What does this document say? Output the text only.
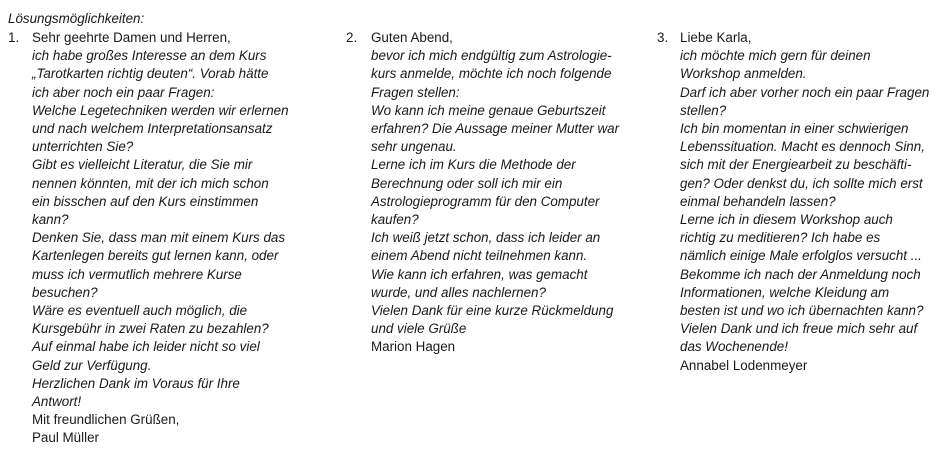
Lösungsmöglichkeiten:

1. Sehr geehrte Damen und Herren,
ich habe großes Interesse an dem Kurs
„Tarotkarten richtig deuten“. Vorab hätte
ich aber noch ein paar Fragen:
Welche Legetechniken werden wir erlernen
und nach welchem Interpretationsansatz
unterrichten Sie?
Gibt es vielleicht Literatur, die Sie mir
nennen könnten, mit der ich mich schon
ein bisschen auf den Kurs einstimmen
kann?
Denken Sie, dass man mit einem Kurs das
Kartenlegen bereits gut lernen kann, oder
muss ich vermutlich mehrere Kurse
besuchen?
Wäre es eventuell auch möglich, die
Kursgebühr in zwei Raten zu bezahlen?
Auf einmal habe ich leider nicht so viel
Geld zur Verfügung.
Herzlichen Dank im Voraus für Ihre
Antwort!
Mit freundlichen Grüßen,
Paul Müller
2. Guten Abend,
bevor ich mich endgültig zum Astrologie-
kurs anmelde, möchte ich noch folgende
Fragen stellen:
Wo kann ich meine genaue Geburtszeit
erfahren? Die Aussage meiner Mutter war
sehr ungenau.
Lerne ich im Kurs die Methode der
Berechnung oder soll ich mir ein
Astrologieprogramm für den Computer
kaufen?
Ich weiß jetzt schon, dass ich leider an
einem Abend nicht teilnehmen kann.
Wie kann ich erfahren, was gemacht
wurde, und alles nachlernen?
Vielen Dank für eine kurze Rückmeldung
und viele Grüße
Marion Hagen
3. Liebe Karla,
ich möchte mich gern für deinen
Workshop anmelden.
Darf ich aber vorher noch ein paar Fragen
stellen?
Ich bin momentan in einer schwierigen
Lebenssituation. Macht es dennoch Sinn,
sich mit der Energiearbeit zu beschäfti-
gen? Oder denkst du, ich sollte mich erst
einmal behandeln lassen?
Lerne ich in diesem Workshop auch
richtig zu meditieren? Ich habe es
nämlich einige Male erfolglos versucht ...
Bekomme ich nach der Anmeldung noch
Informationen, welche Kleidung am
besten ist und wo ich übernachten kann?
Vielen Dank und ich freue mich sehr auf
das Wochenende!
Annabel Lodenmeyer
